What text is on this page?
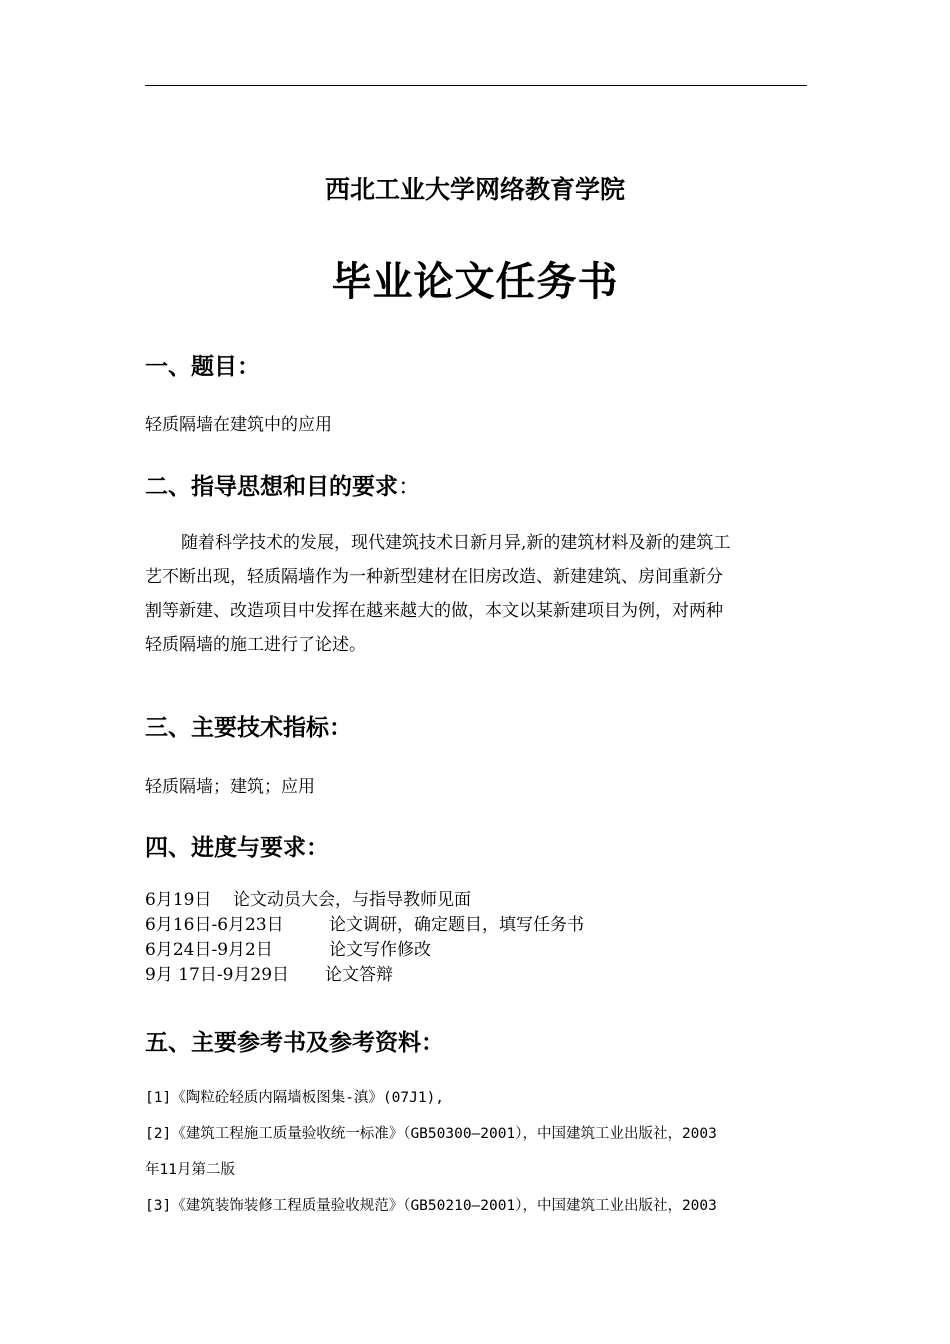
西北工业大学网络教育学院
毕业论文任务书
一、题目：
轻质隔墙在建筑中的应用
二、指导思想和目的要求：
随着科学技术的发展，现代建筑技术日新月异,新的建筑材料及新的建筑工
艺不断出现，轻质隔墙作为一种新型建材在旧房改造、新建建筑、房间重新分
割等新建、改造项目中发挥在越来越大的做，本文以某新建项目为例，对两种
轻质隔墙的施工进行了论述。
三、主要技术指标：
轻质隔墙；建筑；应用
四、进度与要求：
6月19日 论文动员大会，与指导教师见面
6月16日-6月23日	论文调研，确定题目，填写任务书
6月24日-9月2日	论文写作修改
9月 17日-9月29日 论文答辩
五、主要参考书及参考资料：
[1]《陶粒砼轻质内隔墙板图集-滇》(07J1),
[2]《建筑工程施工质量验收统一标准》（GB50300—2001），中国建筑工业出版社，2003
年11月第二版
[3]《建筑装饰装修工程质量验收规范》（GB50210—2001），中国建筑工业出版社，2003
